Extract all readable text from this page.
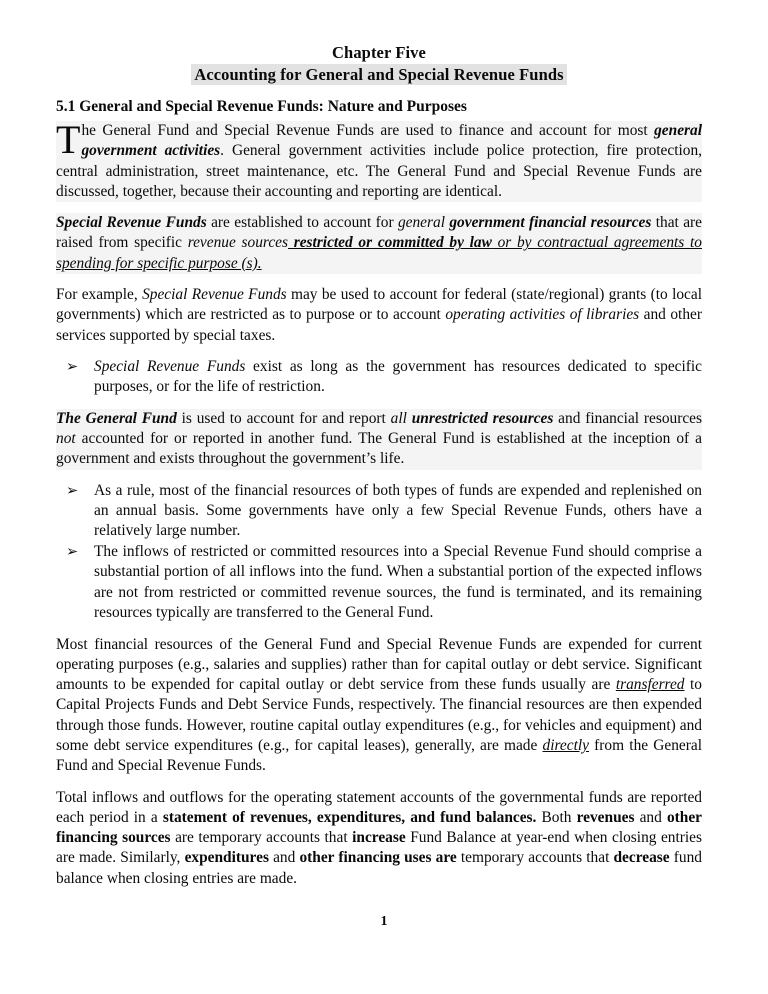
Chapter Five
Accounting for General and Special Revenue Funds
5.1 General and Special Revenue Funds: Nature and Purposes
T he General Fund and Special Revenue Funds are used to finance and account for most general government activities. General government activities include police protection, fire protection, central administration, street maintenance, etc. The General Fund and Special Revenue Funds are discussed, together, because their accounting and reporting are identical.

Special Revenue Funds are established to account for general government financial resources that are raised from specific revenue sources restricted or committed by law or by contractual agreements to spending for specific purpose (s).

For example, Special Revenue Funds may be used to account for federal (state/regional) grants (to local governments) which are restricted as to purpose or to account operating activities of libraries and other services supported by special taxes.

➢ Special Revenue Funds exist as long as the government has resources dedicated to specific purposes, or for the life of restriction.

The General Fund is used to account for and report all unrestricted resources and financial resources not accounted for or reported in another fund. The General Fund is established at the inception of a government and exists throughout the government’s life.

➢ As a rule, most of the financial resources of both types of funds are expended and replenished on an annual basis. Some governments have only a few Special Revenue Funds, others have a relatively large number.
➢ The inflows of restricted or committed resources into a Special Revenue Fund should comprise a substantial portion of all inflows into the fund. When a substantial portion of the expected inflows are not from restricted or committed revenue sources, the fund is terminated, and its remaining resources typically are transferred to the General Fund.

Most financial resources of the General Fund and Special Revenue Funds are expended for current operating purposes (e.g., salaries and supplies) rather than for capital outlay or debt service. Significant amounts to be expended for capital outlay or debt service from these funds usually are transferred to Capital Projects Funds and Debt Service Funds, respectively. The financial resources are then expended through those funds. However, routine capital outlay expenditures (e.g., for vehicles and equipment) and some debt service expenditures (e.g., for capital leases), generally, are made directly from the General Fund and Special Revenue Funds.

Total inflows and outflows for the operating statement accounts of the governmental funds are reported each period in a statement of revenues, expenditures, and fund balances. Both revenues and other financing sources are temporary accounts that increase Fund Balance at year-end when closing entries are made. Similarly, expenditures and other financing uses are temporary accounts that decrease fund balance when closing entries are made.

1
